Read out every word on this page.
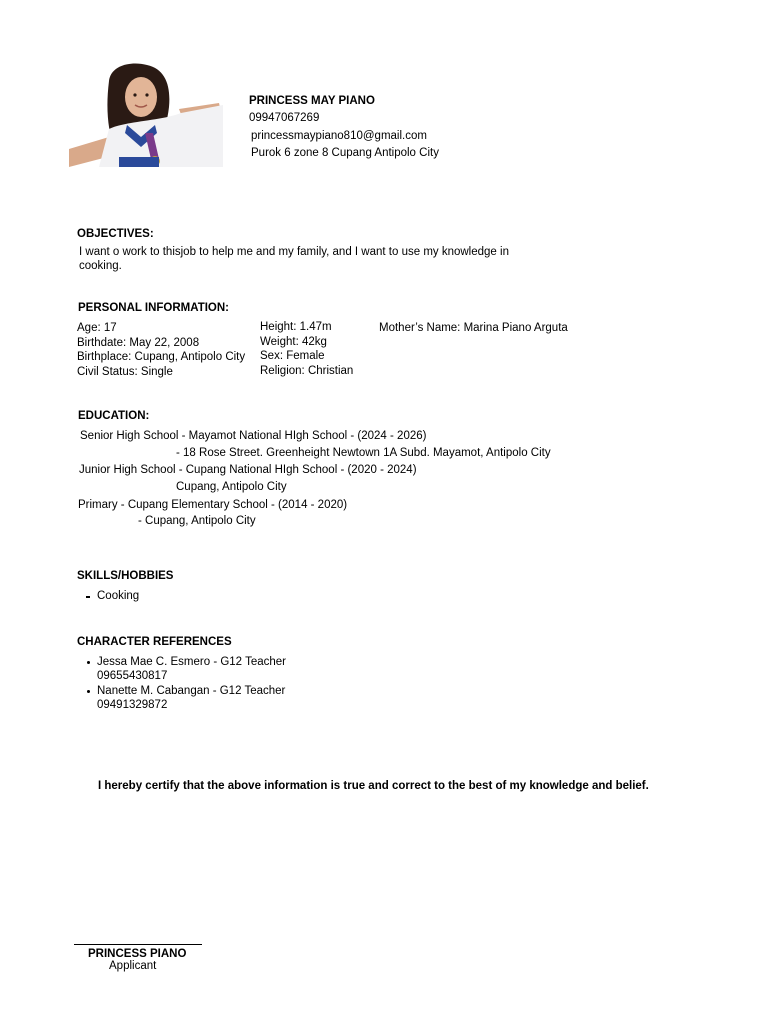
PRINCESS MAY PIANO
09947067269
princessmaypiano810@gmail.com
Purok 6 zone 8 Cupang Antipolo City
OBJECTIVES:
I want o work to thisjob to help me and my family, and I want to use my knowledge in
cooking.
PERSONAL INFORMATION:
Age: 17
Birthdate: May 22, 2008
Birthplace: Cupang, Antipolo City
Civil Status: Single
Height: 1.47m
Weight: 42kg
Sex: Female
Religion: Christian
Mother’s Name: Marina Piano Arguta
EDUCATION:
Senior High School - Mayamot National HIgh School - (2024 - 2026)
- 18 Rose Street. Greenheight Newtown 1A Subd. Mayamot, Antipolo City
Junior High School - Cupang National HIgh School - (2020 - 2024)
Cupang, Antipolo City
Primary - Cupang Elementary School - (2014 - 2020)
- Cupang, Antipolo City
SKILLS/HOBBIES
Cooking
CHARACTER REFERENCES
Jessa Mae C. Esmero - G12 Teacher
09655430817
Nanette M. Cabangan - G12 Teacher
09491329872
I hereby certify that the above information is true and correct to the best of my knowledge and belief.
PRINCESS PIANO
Applicant
